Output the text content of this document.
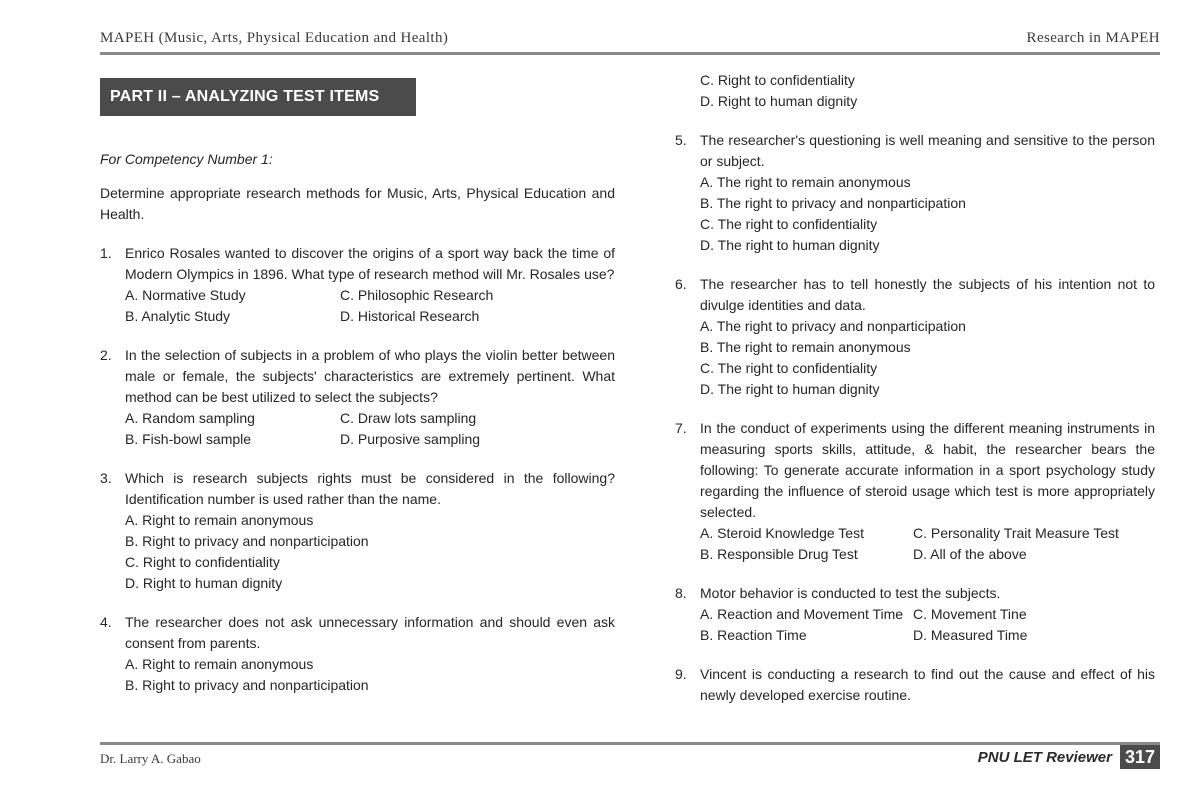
MAPEH (Music, Arts, Physical Education and Health)	Research in MAPEH
PART II – ANALYZING TEST ITEMS
For Competency Number 1:
Determine appropriate research methods for Music, Arts, Physical Education and Health.
1. Enrico Rosales wanted to discover the origins of a sport way back the time of Modern Olympics in 1896. What type of research method will Mr. Rosales use?
A. Normative Study	C. Philosophic Research
B. Analytic Study	D. Historical Research
2. In the selection of subjects in a problem of who plays the violin better between male or female, the subjects' characteristics are extremely pertinent. What method can be best utilized to select the subjects?
A. Random sampling	C. Draw lots sampling
B. Fish-bowl sample	D. Purposive sampling
3. Which is research subjects rights must be considered in the following? Identification number is used rather than the name.
A. Right to remain anonymous
B. Right to privacy and nonparticipation
C. Right to confidentiality
D. Right to human dignity
4. The researcher does not ask unnecessary information and should even ask consent from parents.
A. Right to remain anonymous
B. Right to privacy and nonparticipation
C. Right to confidentiality
D. Right to human dignity
5. The researcher's questioning is well meaning and sensitive to the person or subject.
A. The right to remain anonymous
B. The right to privacy and nonparticipation
C. The right to confidentiality
D. The right to human dignity
6. The researcher has to tell honestly the subjects of his intention not to divulge identities and data.
A. The right to privacy and nonparticipation
B. The right to remain anonymous
C. The right to confidentiality
D. The right to human dignity
7. In the conduct of experiments using the different meaning instruments in measuring sports skills, attitude, & habit, the researcher bears the following: To generate accurate information in a sport psychology study regarding the influence of steroid usage which test is more appropriately selected.
A. Steroid Knowledge Test	C. Personality Trait Measure Test
B. Responsible Drug Test	D. All of the above
8. Motor behavior is conducted to test the subjects.
A. Reaction and Movement Time C. Movement Tine
B. Reaction Time	D. Measured Time
9. Vincent is conducting a research to find out the cause and effect of his newly developed exercise routine.
Dr. Larry A. Gabao	PNU LET Reviewer 317
